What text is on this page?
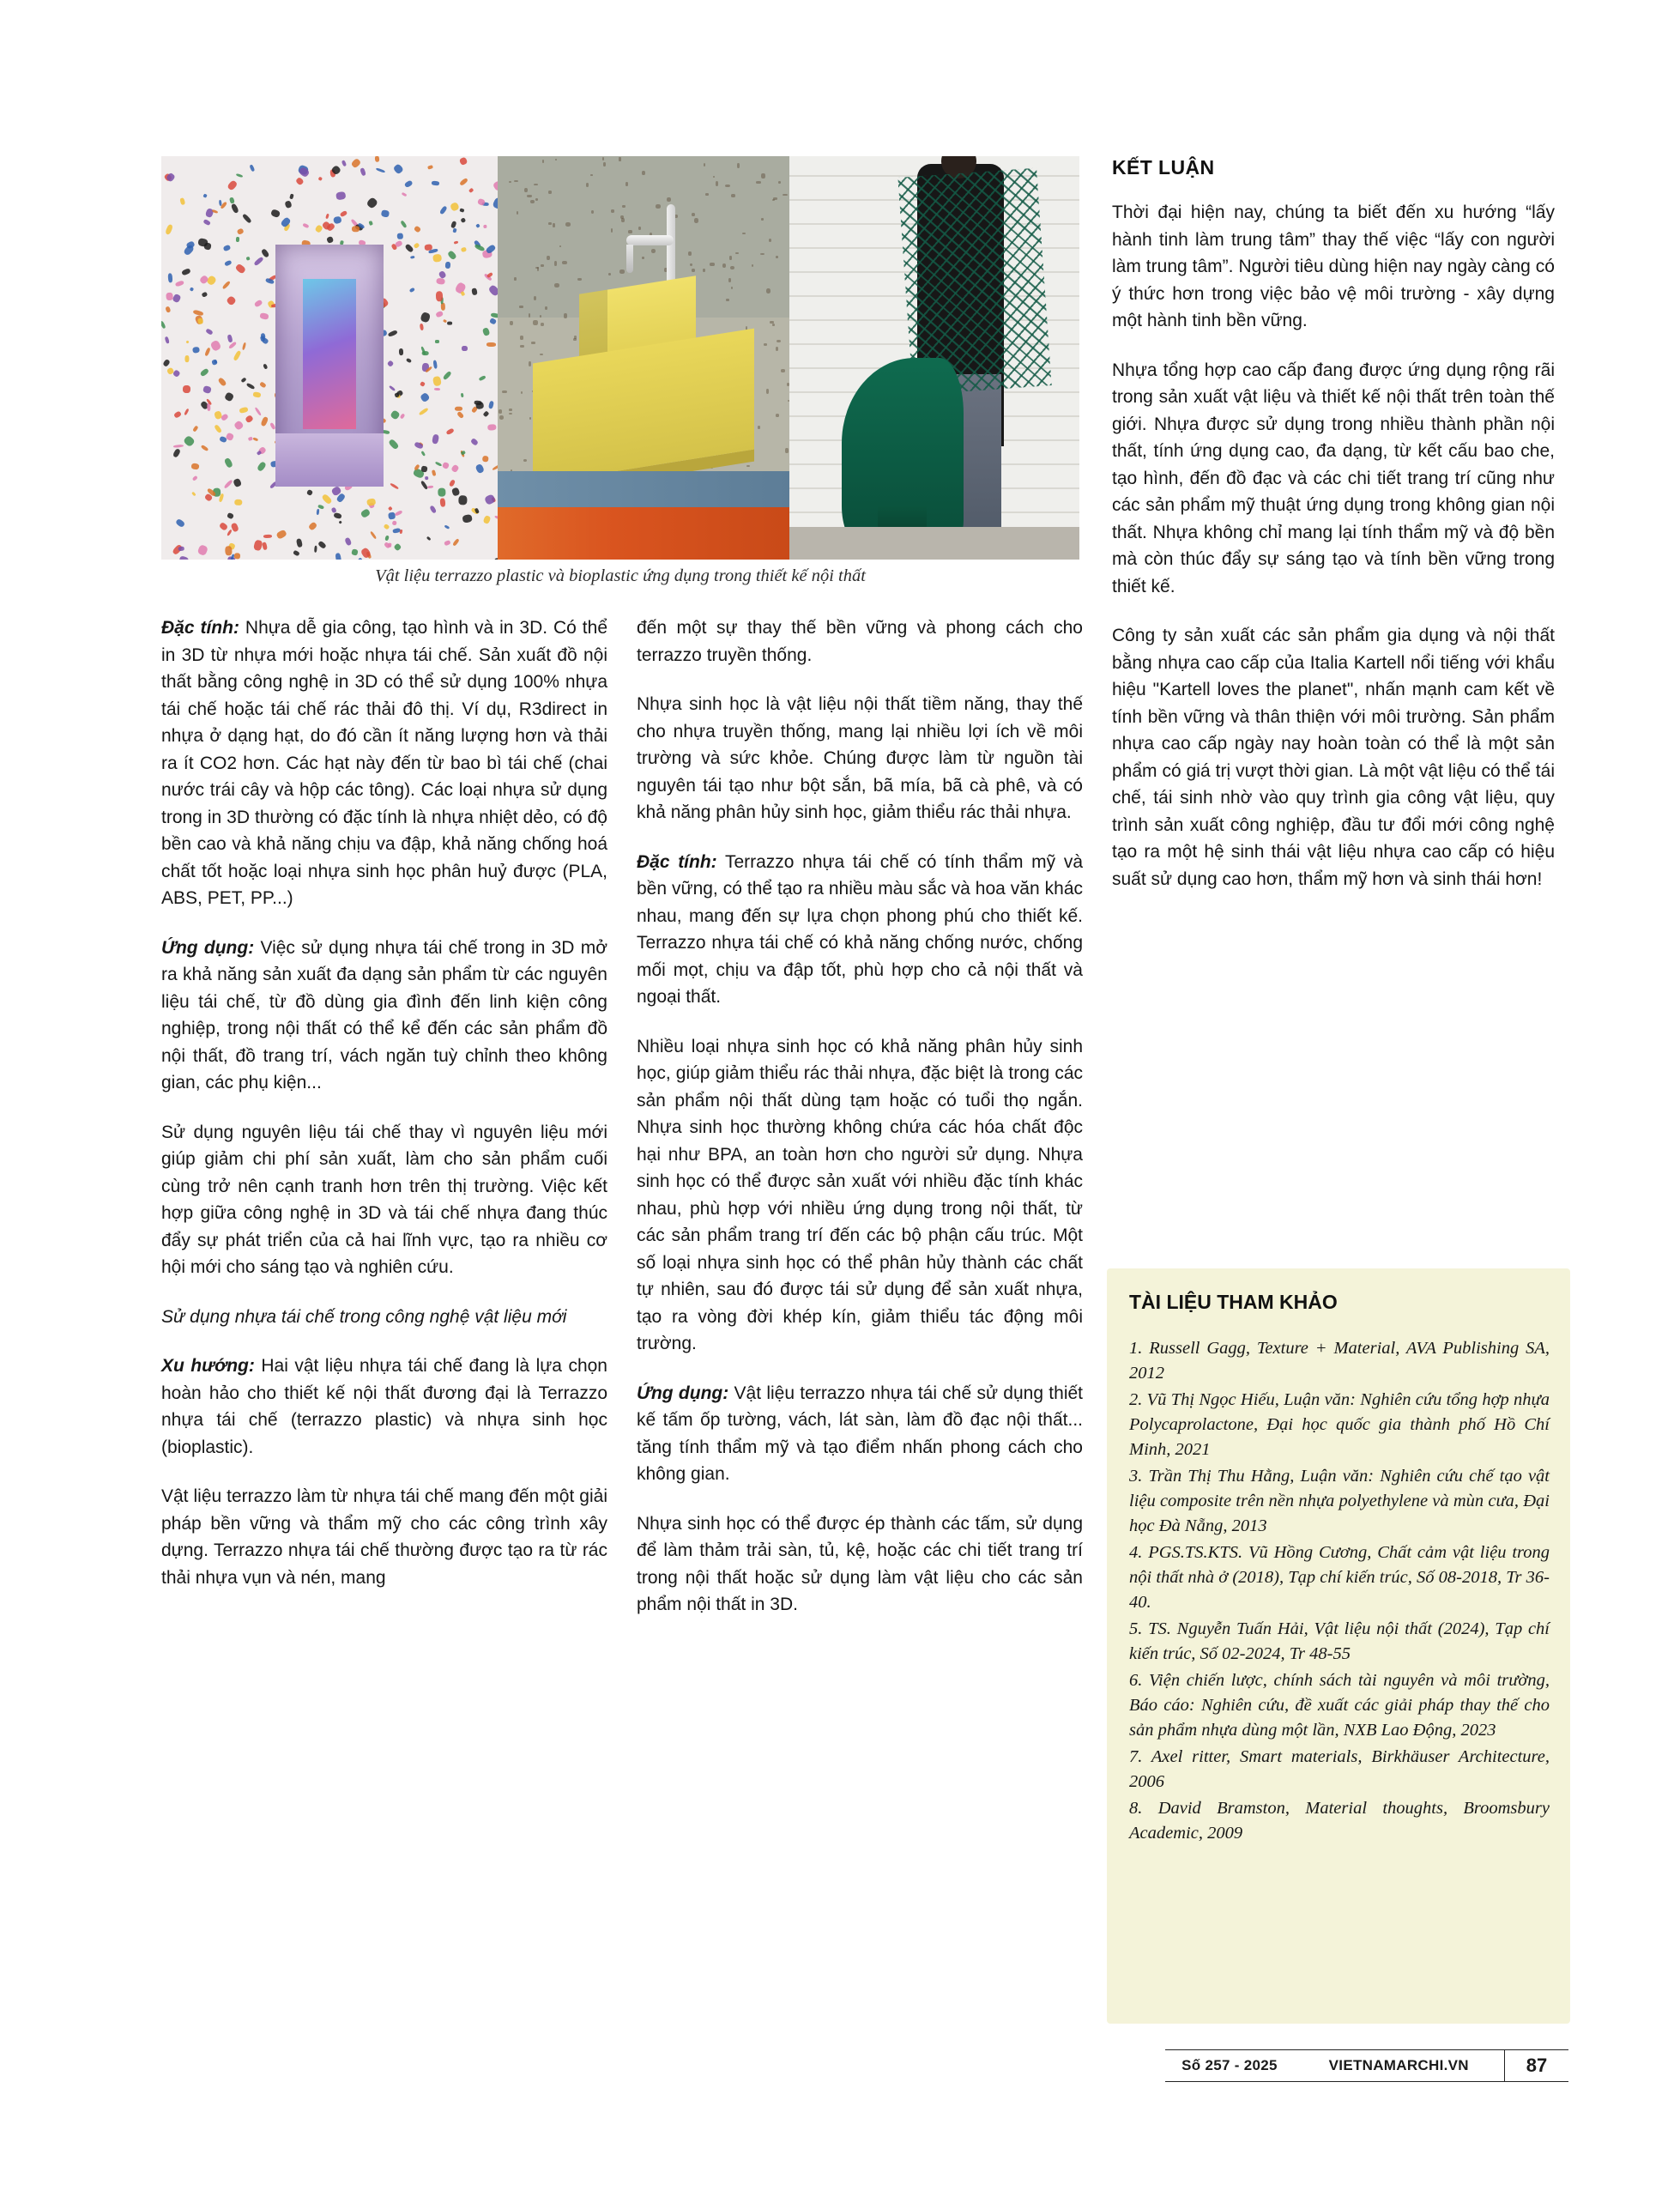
Vật liệu terrazzo plastic và bioplastic ứng dụng trong thiết kế nội thất

Đặc tính: Nhựa dễ gia công, tạo hình và in 3D. Có thể in 3D từ nhựa mới hoặc nhựa tái chế. Sản xuất đồ nội thất bằng công nghệ in 3D có thể sử dụng 100% nhựa tái chế hoặc tái chế rác thải đô thị. Ví dụ, R3direct in nhựa ở dạng hạt, do đó cần ít năng lượng hơn và thải ra ít CO2 hơn. Các hạt này đến từ bao bì tái chế (chai nước trái cây và hộp các tông). Các loại nhựa sử dụng trong in 3D thường có đặc tính là nhựa nhiệt dẻo, có độ bền cao và khả năng chịu va đập, khả năng chống hoá chất tốt hoặc loại nhựa sinh học phân huỷ được (PLA, ABS, PET, PP...)

Ứng dụng: Việc sử dụng nhựa tái chế trong in 3D mở ra khả năng sản xuất đa dạng sản phẩm từ các nguyên liệu tái chế, từ đồ dùng gia đình đến linh kiện công nghiệp, trong nội thất có thể kể đến các sản phẩm đồ nội thất, đồ trang trí, vách ngăn tuỳ chỉnh theo không gian, các phụ kiện...

Sử dụng nguyên liệu tái chế thay vì nguyên liệu mới giúp giảm chi phí sản xuất, làm cho sản phẩm cuối cùng trở nên cạnh tranh hơn trên thị trường. Việc kết hợp giữa công nghệ in 3D và tái chế nhựa đang thúc đẩy sự phát triển của cả hai lĩnh vực, tạo ra nhiều cơ hội mới cho sáng tạo và nghiên cứu.

Sử dụng nhựa tái chế trong công nghệ vật liệu mới

Xu hướng: Hai vật liệu nhựa tái chế đang là lựa chọn hoàn hảo cho thiết kế nội thất đương đại là Terrazzo nhựa tái chế (terrazzo plastic) và nhựa sinh học (bioplastic).

Vật liệu terrazzo làm từ nhựa tái chế mang đến một giải pháp bền vững và thẩm mỹ cho các công trình xây dựng. Terrazzo nhựa tái chế thường được tạo ra từ rác thải nhựa vụn và nén, mang

đến một sự thay thế bền vững và phong cách cho terrazzo truyền thống.

Nhựa sinh học là vật liệu nội thất tiềm năng, thay thế cho nhựa truyền thống, mang lại nhiều lợi ích về môi trường và sức khỏe. Chúng được làm từ nguồn tài nguyên tái tạo như bột sắn, bã mía, bã cà phê, và có khả năng phân hủy sinh học, giảm thiểu rác thải nhựa.

Đặc tính: Terrazzo nhựa tái chế có tính thẩm mỹ và bền vững, có thể tạo ra nhiều màu sắc và hoa văn khác nhau, mang đến sự lựa chọn phong phú cho thiết kế. Terrazzo nhựa tái chế có khả năng chống nước, chống mối mọt, chịu va đập tốt, phù hợp cho cả nội thất và ngoại thất.

Nhiều loại nhựa sinh học có khả năng phân hủy sinh học, giúp giảm thiểu rác thải nhựa, đặc biệt là trong các sản phẩm nội thất dùng tạm hoặc có tuổi thọ ngắn. Nhựa sinh học thường không chứa các hóa chất độc hại như BPA, an toàn hơn cho người sử dụng. Nhựa sinh học có thể được sản xuất với nhiều đặc tính khác nhau, phù hợp với nhiều ứng dụng trong nội thất, từ các sản phẩm trang trí đến các bộ phận cấu trúc. Một số loại nhựa sinh học có thể phân hủy thành các chất tự nhiên, sau đó được tái sử dụng để sản xuất nhựa, tạo ra vòng đời khép kín, giảm thiểu tác động môi trường.

Ứng dụng: Vật liệu terrazzo nhựa tái chế sử dụng thiết kế tấm ốp tường, vách, lát sàn, làm đồ đạc nội thất... tăng tính thẩm mỹ và tạo điểm nhấn phong cách cho không gian.

Nhựa sinh học có thể được ép thành các tấm, sử dụng để làm thảm trải sàn, tủ, kệ, hoặc các chi tiết trang trí trong nội thất hoặc sử dụng làm vật liệu cho các sản phẩm nội thất in 3D.

KẾT LUẬN

Thời đại hiện nay, chúng ta biết đến xu hướng “lấy hành tinh làm trung tâm” thay thế việc “lấy con người làm trung tâm”. Người tiêu dùng hiện nay ngày càng có ý thức hơn trong việc bảo vệ môi trường - xây dựng một hành tinh bền vững.

Nhựa tổng hợp cao cấp đang được ứng dụng rộng rãi trong sản xuất vật liệu và thiết kế nội thất trên toàn thế giới. Nhựa được sử dụng trong nhiều thành phần nội thất, tính ứng dụng cao, đa dạng, từ kết cấu bao che, tạo hình, đến đồ đạc và các chi tiết trang trí cũng như các sản phẩm mỹ thuật ứng dụng trong không gian nội thất. Nhựa không chỉ mang lại tính thẩm mỹ và độ bền mà còn thúc đẩy sự sáng tạo và tính bền vững trong thiết kế.

Công ty sản xuất các sản phẩm gia dụng và nội thất bằng nhựa cao cấp của Italia Kartell nổi tiếng với khẩu hiệu "Kartell loves the planet", nhấn mạnh cam kết về tính bền vững và thân thiện với môi trường. Sản phẩm nhựa cao cấp ngày nay hoàn toàn có thể là một sản phẩm có giá trị vượt thời gian. Là một vật liệu có thể tái chế, tái sinh nhờ vào quy trình gia công vật liệu, quy trình sản xuất công nghiệp, đầu tư đổi mới công nghệ tạo ra một hệ sinh thái vật liệu nhựa cao cấp có hiệu suất sử dụng cao hơn, thẩm mỹ hơn và sinh thái hơn!

TÀI LIỆU THAM KHẢO
1. Russell Gagg, Texture + Material, AVA Publishing SA, 2012
2. Vũ Thị Ngọc Hiếu, Luận văn: Nghiên cứu tổng hợp nhựa Polycaprolactone, Đại học quốc gia thành phố Hồ Chí Minh, 2021
3. Trần Thị Thu Hằng, Luận văn: Nghiên cứu chế tạo vật liệu composite trên nền nhựa polyethylene và mùn cưa, Đại học Đà Nẵng, 2013
4. PGS.TS.KTS. Vũ Hồng Cương, Chất cảm vật liệu trong nội thất nhà ở (2018), Tạp chí kiến trúc, Số 08-2018, Tr 36-40.
5. TS. Nguyễn Tuấn Hải, Vật liệu nội thất (2024), Tạp chí kiến trúc, Số 02-2024, Tr 48-55
6. Viện chiến lược, chính sách tài nguyên và môi trường, Báo cáo: Nghiên cứu, đề xuất các giải pháp thay thế cho sản phẩm nhựa dùng một lần, NXB Lao Động, 2023
7. Axel ritter, Smart materials, Birkhäuser Architecture, 2006
8. David Bramston, Material thoughts, Broomsbury Academic, 2009
Số 257 - 2025	VIETNAMARCHI.VN	87
